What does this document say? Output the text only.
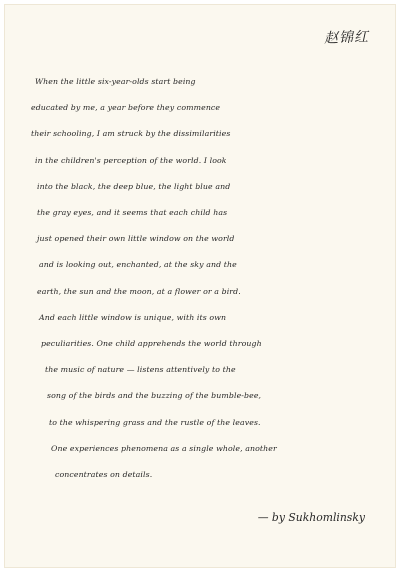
赵锦红
When the little six-year-olds start being
educated by me, a year before they commence
their schooling, I am struck by the dissimilarities
in the children's perception of the world. I look
into the black, the deep blue, the light blue and
the gray eyes, and it seems that each child has
just opened their own little window on the world
and is looking out, enchanted, at the sky and the
earth, the sun and the moon, at a flower or a bird.
And each little window is unique, with its own
peculiarities. One child apprehends the world through
the music of nature — listens attentively to the
song of the birds and the buzzing of the bumble-bee,
to the whispering grass and the rustle of the leaves.
One experiences phenomena as a single whole, another
concentrates on details.
— by Sukhomlinsky
